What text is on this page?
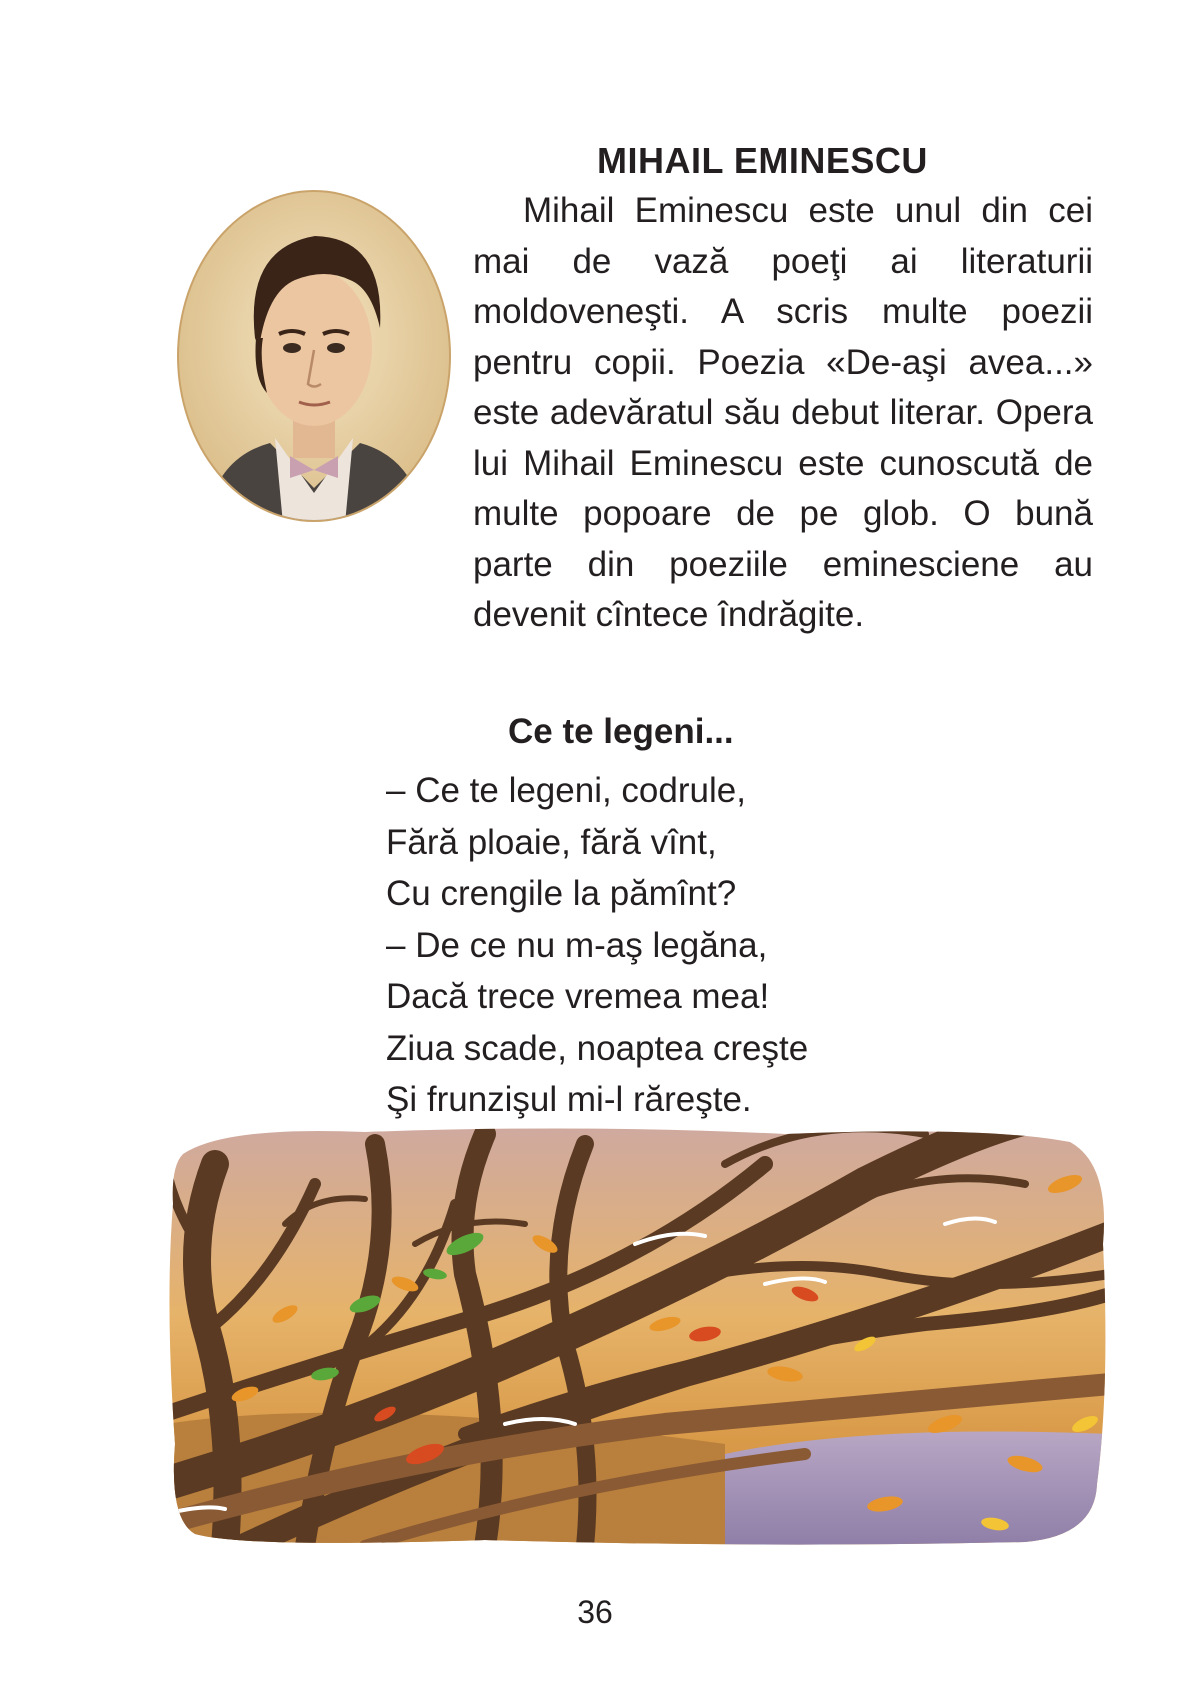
MIHAIL EMINESCU

Mihail Eminescu este unul din cei mai de vază poeţi ai literaturii moldoveneşti. A scris multe poezii pentru copii. Poezia «De-aşi avea...» este adevăratul său debut literar. Opera lui Mihail Eminescu este cunoscută de multe popoare de pe glob. O bună parte din poeziile eminesciene au devenit cîntece îndrăgite.

Ce te legeni...
– Ce te legeni, codrule,
Fără ploaie, fără vînt,
Cu crengile la pămînt?
– De ce nu m-aş legăna,
Dacă trece vremea mea!
Ziua scade, noaptea creşte
Şi frunzişul mi-l răreşte.
36
